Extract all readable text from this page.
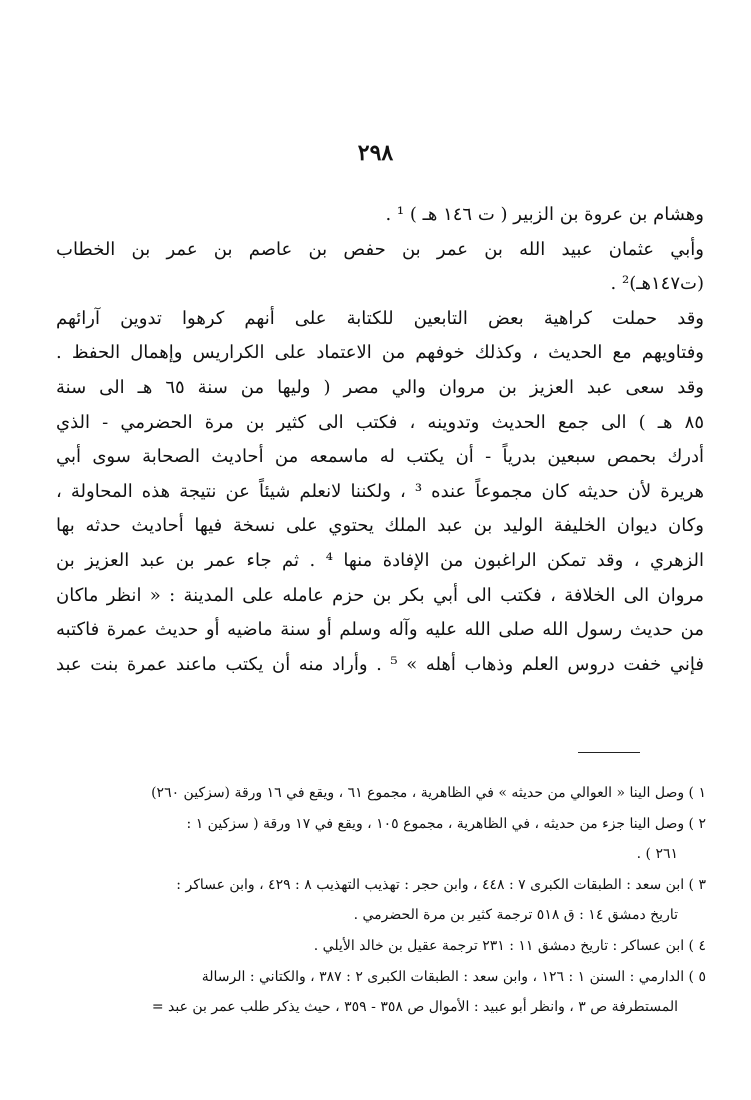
٢٩٨
وهشام بن عروة بن الزبير ( ت ١٤٦ هـ ) ¹ .
وأبي عثمان عبيد الله بن عمر بن حفص بن عاصم بن عمر بن الخطاب
(ت١٤٧هـ)² .
وقد حملت كراهية بعض التابعين للكتابة على أنهم كرهوا تدوين آرائهم
وفتاويهم مع الحديث ، وكذلك خوفهم من الاعتماد على الكراريس وإهمال الحفظ .
وقد سعى عبد العزيز بن مروان والي مصر ( وليها من سنة ٦٥ هـ الى سنة
٨٥ هـ ) الى جمع الحديث وتدوينه ، فكتب الى كثير بن مرة الحضرمي - الذي
أدرك بحمص سبعين بدرياً - أن يكتب له ماسمعه من أحاديث الصحابة سوى أبي
هريرة لأن حديثه كان مجموعاً عنده ³ ، ولكننا لانعلم شيئاً عن نتيجة هذه المحاولة ،
وكان ديوان الخليفة الوليد بن عبد الملك يحتوي على نسخة فيها أحاديث حدثه بها
الزهري ، وقد تمكن الراغبون من الإفادة منها ⁴ . ثم جاء عمر بن عبد العزيز بن
مروان الى الخلافة ، فكتب الى أبي بكر بن حزم عامله على المدينة : « انظر ماكان
من حديث رسول الله صلى الله عليه وآله وسلم أو سنة ماضيه أو حديث عمرة فاكتبه
فإني خفت دروس العلم وذهاب أهله » ⁵ . وأراد منه أن يكتب ماعند عمرة بنت عبد
١ ) وصل الينا « العوالي من حديثه » في الظاهرية ، مجموع ٦١ ، ويقع في ١٦ ورقة (سزكين ٢٦٠)
٢ ) وصل الينا جزء من حديثه ، في الظاهرية ، مجموع ١٠٥ ، ويقع في ١٧ ورقة ( سزكين ١ :
٢٦١ ) .
٣ ) ابن سعد : الطبقات الكبرى ٧ : ٤٤٨ ، وابن حجر : تهذيب التهذيب ٨ : ٤٢٩ ، وابن عساكر :
تاريخ دمشق ١٤ : ق ٥١٨ ترجمة كثير بن مرة الحضرمي .
٤ ) ابن عساكر : تاريخ دمشق ١١ : ٢٣١ ترجمة عقيل بن خالد الأيلي .
٥ ) الدارمي : السنن ١ : ١٢٦ ، وابن سعد : الطبقات الكبرى ٢ : ٣٨٧ ، والكتاني : الرسالة
المستطرفة ص ٣ ، وانظر أبو عبيد : الأموال ص ٣٥٨ - ٣٥٩ ، حيث يذكر طلب عمر بن عبد =
